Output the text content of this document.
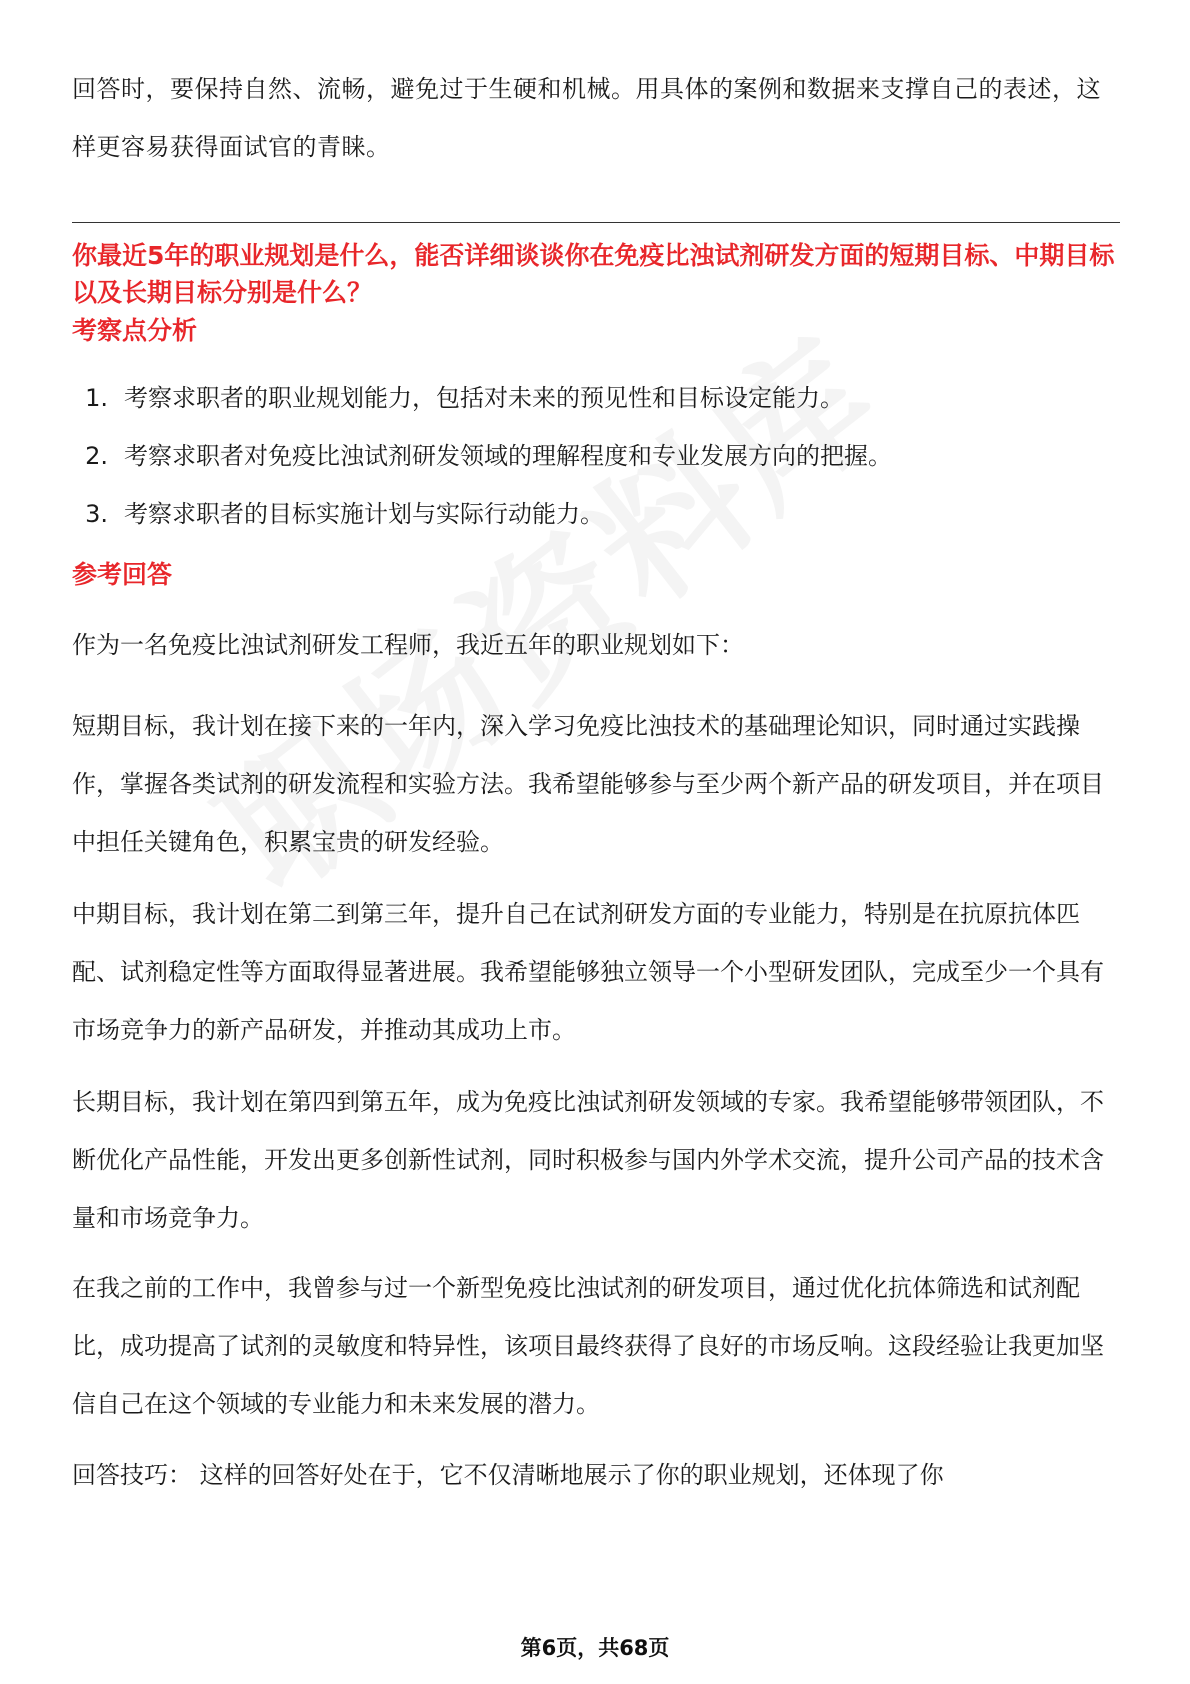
回答时，要保持自然、流畅，避免过于生硬和机械。用具体的案例和数据来支撑自己的表述，这样更容易获得面试官的青睐。

你最近5年的职业规划是什么，能否详细谈谈你在免疫比浊试剂研发方面的短期目标、中期目标以及长期目标分别是什么？

考察点分析

1. 考察求职者的职业规划能力，包括对未来的预见性和目标设定能力。
2. 考察求职者对免疫比浊试剂研发领域的理解程度和专业发展方向的把握。
3. 考察求职者的目标实施计划与实际行动能力。

参考回答

作为一名免疫比浊试剂研发工程师，我近五年的职业规划如下：

短期目标，我计划在接下来的一年内，深入学习免疫比浊技术的基础理论知识，同时通过实践操作，掌握各类试剂的研发流程和实验方法。我希望能够参与至少两个新产品的研发项目，并在项目中担任关键角色，积累宝贵的研发经验。

中期目标，我计划在第二到第三年，提升自己在试剂研发方面的专业能力，特别是在抗原抗体匹配、试剂稳定性等方面取得显著进展。我希望能够独立领导一个小型研发团队，完成至少一个具有市场竞争力的新产品研发，并推动其成功上市。

长期目标，我计划在第四到第五年，成为免疫比浊试剂研发领域的专家。我希望能够带领团队，不断优化产品性能，开发出更多创新性试剂，同时积极参与国内外学术交流，提升公司产品的技术含量和市场竞争力。

在我之前的工作中，我曾参与过一个新型免疫比浊试剂的研发项目，通过优化抗体筛选和试剂配比，成功提高了试剂的灵敏度和特异性，该项目最终获得了良好的市场反响。这段经验让我更加坚信自己在这个领域的专业能力和未来发展的潜力。

回答技巧： 这样的回答好处在于，它不仅清晰地展示了你的职业规划，还体现了你

第6页，共68页
